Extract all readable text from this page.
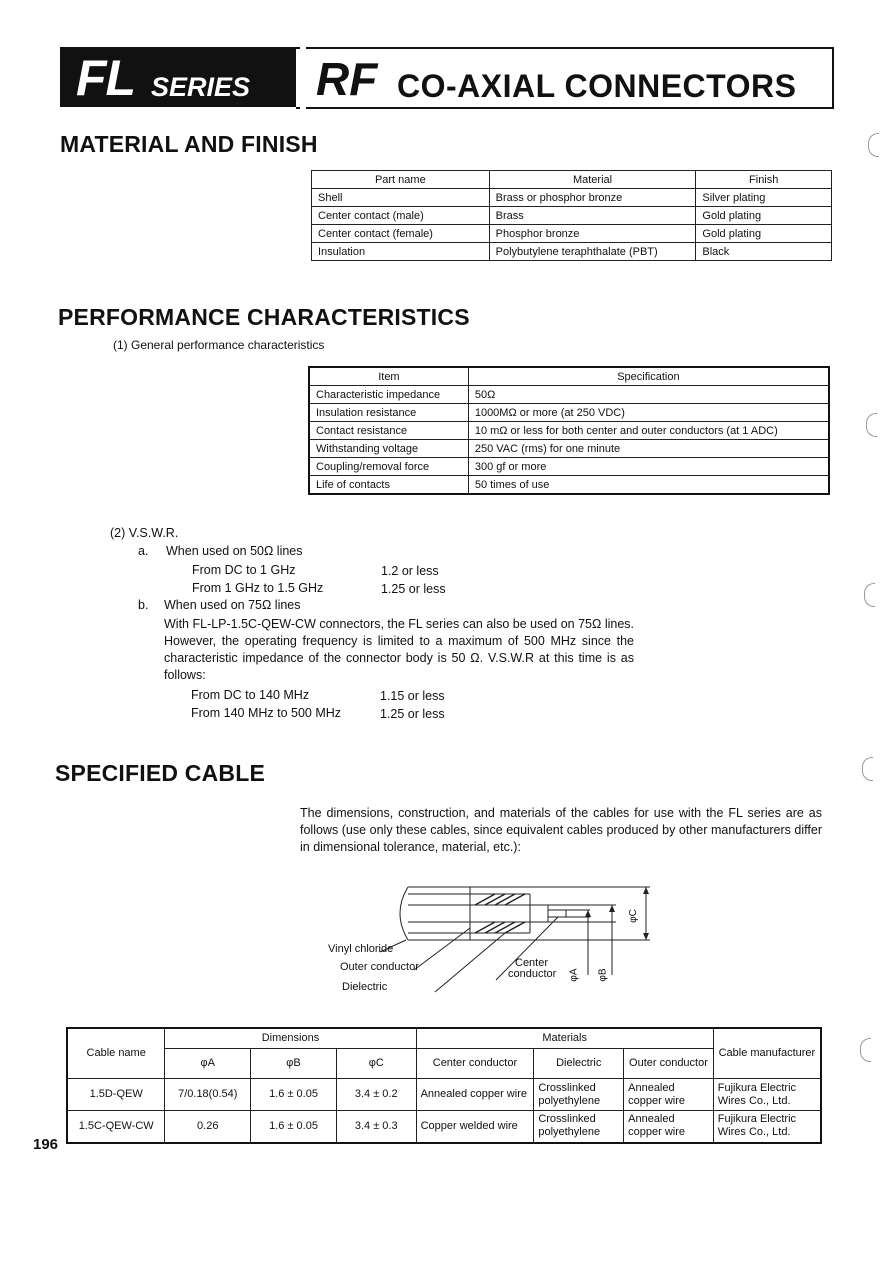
FL SERIES RF CO-AXIAL CONNECTORS
MATERIAL AND FINISH
Part name	Material	Finish
Shell	Brass or phosphor bronze	Silver plating
Center contact (male)	Brass	Gold plating
Center contact (female)	Phosphor bronze	Gold plating
Insulation	Polybutylene teraphthalate (PBT)	Black
PERFORMANCE CHARACTERISTICS
(1) General performance characteristics
Item	Specification
Characteristic impedance	50Ω
Insulation resistance	1000MΩ or more (at 250 VDC)
Contact resistance	10 mΩ or less for both center and outer conductors (at 1 ADC)
Withstanding voltage	250 VAC (rms) for one minute
Coupling/removal force	300 gf or more
Life of contacts	50 times of use
(2) V.S.W.R.
a. When used on 50Ω lines
From DC to 1 GHz	1.2 or less
From 1 GHz to 1.5 GHz	1.25 or less
b. When used on 75Ω lines
With FL-LP-1.5C-QEW-CW connectors, the FL series can also be used on 75Ω lines. However, the operating frequency is limited to a maximum of 500 MHz since the characteristic impedance of the connector body is 50 Ω. V.S.W.R at this time is as follows:
From DC to 140 MHz	1.15 or less
From 140 MHz to 500 MHz	1.25 or less
SPECIFIED CABLE
The dimensions, construction, and materials of the cables for use with the FL series are as follows (use only these cables, since equivalent cables produced by other manufacturers differ in dimensional tolerance, material, etc.):
Vinyl chloride
Outer conductor
Dielectric
Center
conductor	φA	φB
φC
Cable name	Dimensions			Materials			Cable manufacturer
	φA	φB	φC	Center conductor	Dielectric	Outer conductor	
1.5D-QEW	7/0.18(0.54)	1.6 ± 0.05	3.4 ± 0.2	Annealed copper wire	Crosslinked polyethylene	Annealed copper wire	Fujikura Electric Wires Co., Ltd.
1.5C-QEW-CW	0.26	1.6 ± 0.05	3.4 ± 0.3	Copper welded wire	Crosslinked polyethylene	Annealed copper wire	Fujikura Electric Wires Co., Ltd.
196
